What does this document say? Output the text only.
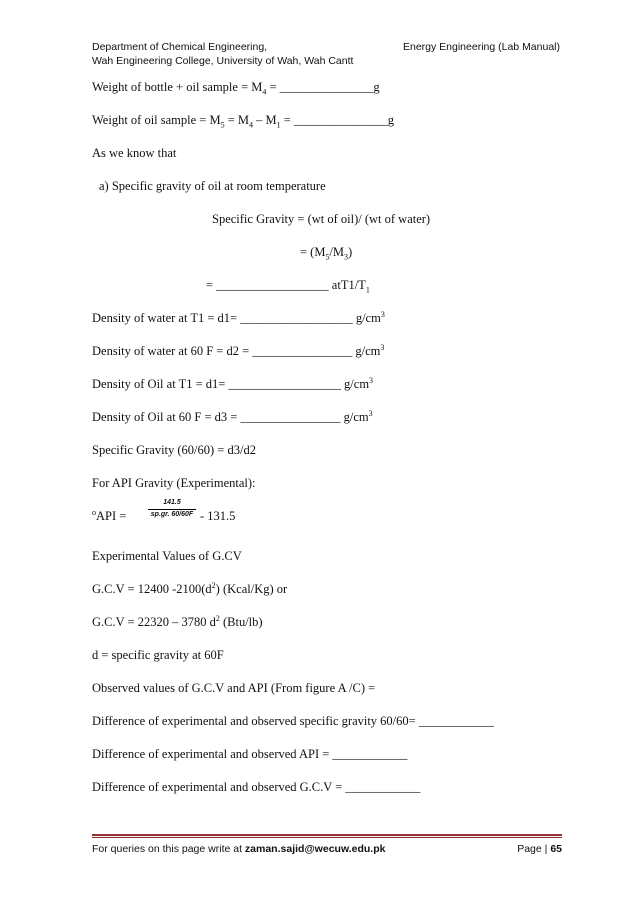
Department of Chemical Engineering,	Energy Engineering (Lab Manual)
Wah Engineering College, University of Wah, Wah Cantt
Weight of bottle + oil sample = $M_4$ = _______________g
Weight of oil sample = $M_5 = M_4 - M_1$ = _______________g
As we know that
a) Specific gravity of oil at room temperature
Specific Gravity = (wt of oil)/ (wt of water)
= $(M_5/M_3)$
= __________________ $atT1/T_1$
Density of water at T1 = d1= __________________ $g/cm^3$
Density of water at 60 F = d2 = ________________ $g/cm^3$
Density of Oil at T1 = d1= __________________ $g/cm^3$
Density of Oil at 60 F = d3 = ________________ $g/cm^3$
Specific Gravity (60/60) = d3/d2
For API Gravity (Experimental):
$^o$API =
141.5
sp.gr. 60/60F - 131.5
Experimental Values of G.CV
G.C.V = 12400 $-2100(d^2)$ (Kcal/Kg) or
G.C.V = 22320 – 3780 $d^2$ (Btu/lb)
d = specific gravity at 60F
Observed values of G.C.V and API (From figure A /C) =
Difference of experimental and observed specific gravity 60/60= ____________
Difference of experimental and observed API = ____________
Difference of experimental and observed G.C.V = ____________
For queries on this page write at zaman.sajid@wecuw.edu.pk	Page | 65
